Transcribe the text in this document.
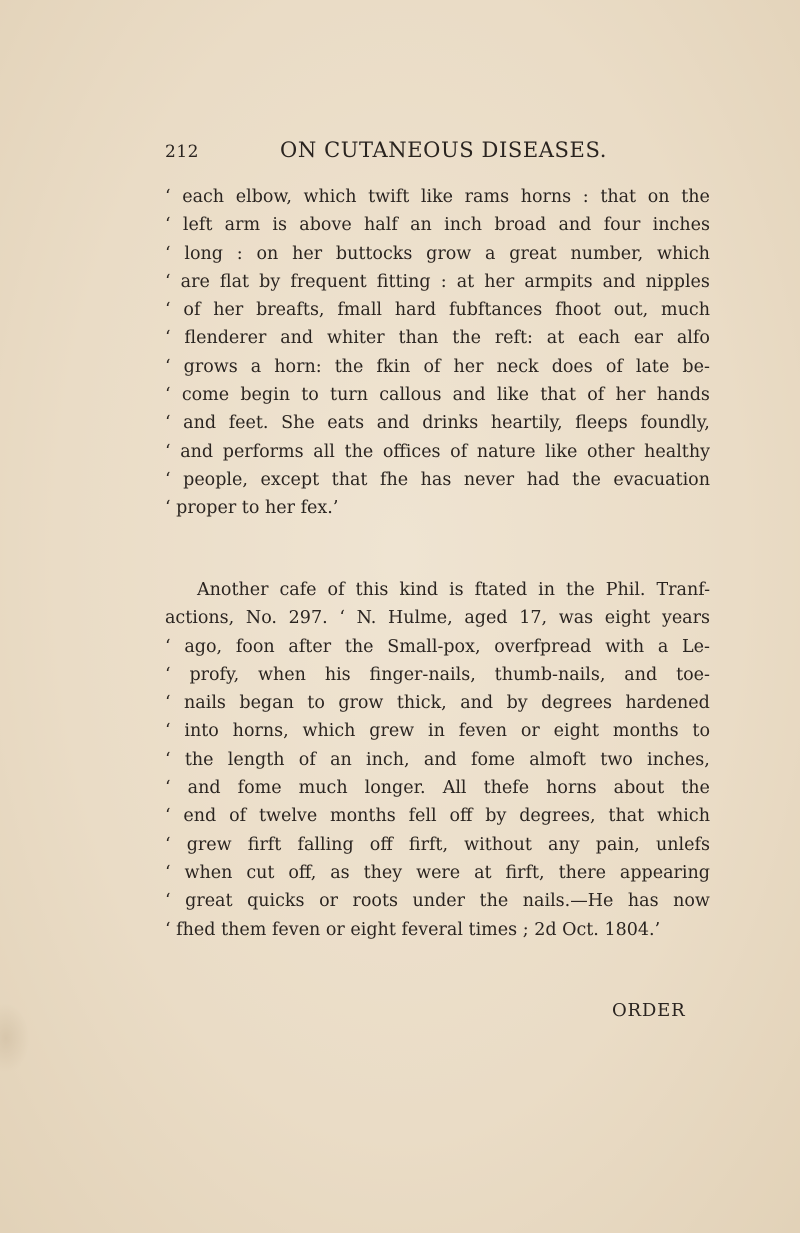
212	ON CUTANEOUS DISEASES.
‘ each elbow, which twift like rams horns : that on the
‘ left arm is above half an inch broad and four inches
‘ long : on her buttocks grow a great number, which
‘ are flat by frequent fitting : at her armpits and nipples
‘ of her breafts, fmall hard fubftances fhoot out, much
‘ flenderer and whiter than the reft: at each ear alfo
‘ grows a horn: the fkin of her neck does of late be-
‘ come begin to turn callous and like that of her hands
‘ and feet. She eats and drinks heartily, fleeps foundly,
‘ and performs all the offices of nature like other healthy
‘ people, except that fhe has never had the evacuation
‘ proper to her fex.’
Another cafe of this kind is ftated in the Phil. Tranf-
actions, No. 297. ‘ N. Hulme, aged 17, was eight years
‘ ago, foon after the Small-pox, overfpread with a Le-
‘ profy, when his finger-nails, thumb-nails, and toe-
‘ nails began to grow thick, and by degrees hardened
‘ into horns, which grew in feven or eight months to
‘ the length of an inch, and fome almoft two inches,
‘ and fome much longer. All thefe horns about the
‘ end of twelve months fell off by degrees, that which
‘ grew firft falling off firft, without any pain, unlefs
‘ when cut off, as they were at firft, there appearing
‘ great quicks or roots under the nails.—He has now
‘ fhed them feven or eight feveral times ; 2d Oct. 1804.’
ORDER
